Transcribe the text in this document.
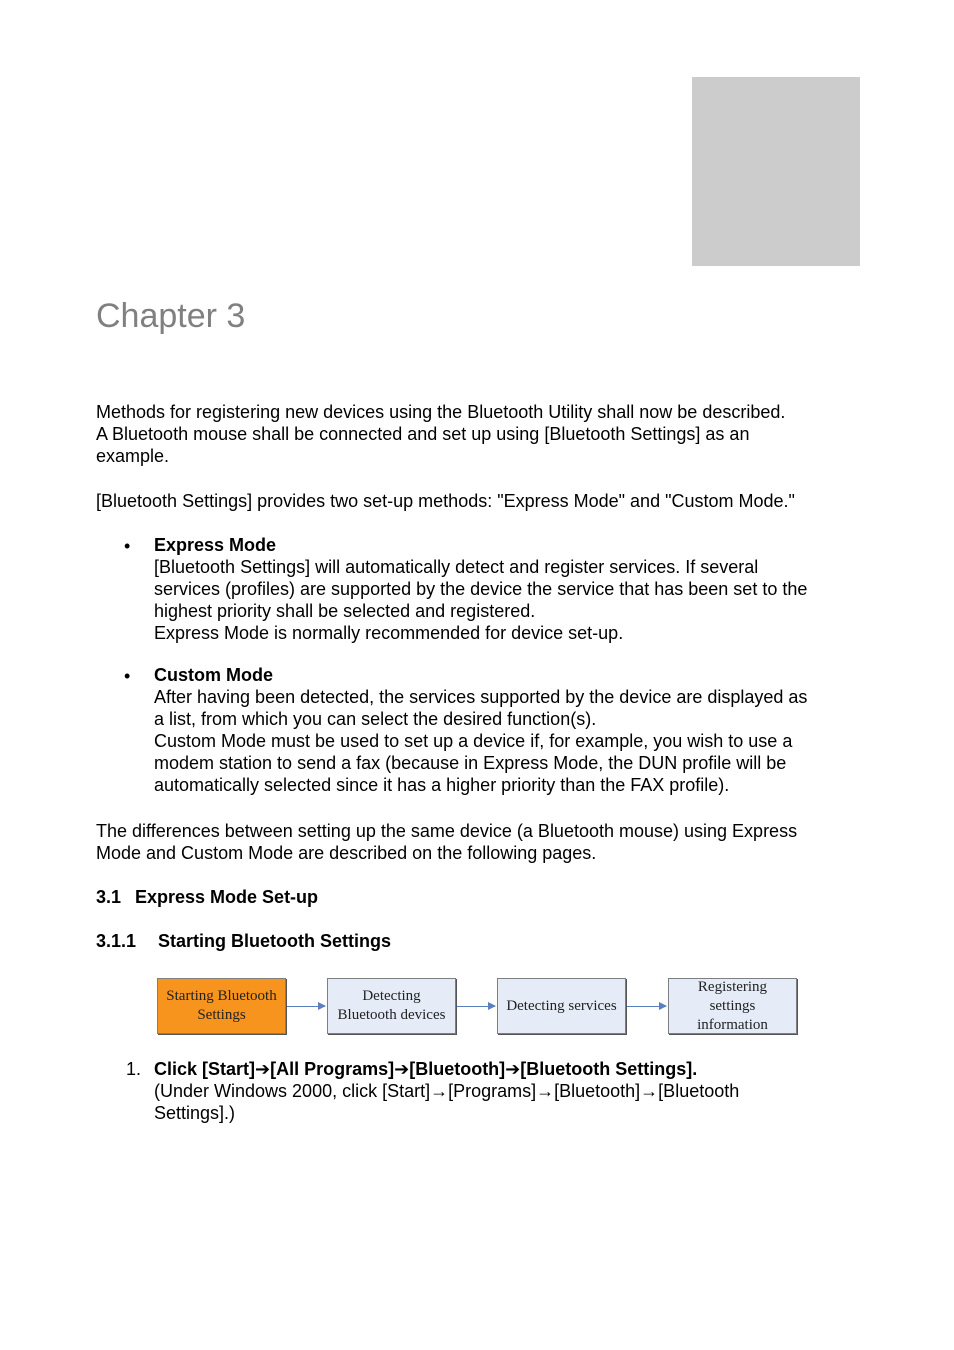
Chapter 3
Methods for registering new devices using the Bluetooth Utility shall now be described.
A Bluetooth mouse shall be connected and set up using [Bluetooth Settings] as an
example.
[Bluetooth Settings] provides two set-up methods: "Express Mode" and "Custom Mode."
• Express Mode
[Bluetooth Settings] will automatically detect and register services. If several
services (profiles) are supported by the device the service that has been set to the
highest priority shall be selected and registered.
Express Mode is normally recommended for device set-up.
• Custom Mode
After having been detected, the services supported by the device are displayed as
a list, from which you can select the desired function(s).
Custom Mode must be used to set up a device if, for example, you wish to use a
modem station to send a fax (because in Express Mode, the DUN profile will be
automatically selected since it has a higher priority than the FAX profile).
The differences between setting up the same device (a Bluetooth mouse) using Express
Mode and Custom Mode are described on the following pages.
3.1 Express Mode Set-up
3.1.1 Starting Bluetooth Settings
Starting Bluetooth
Settings
Detecting
Bluetooth devices
Detecting services
Registering
settings
information
1. Click [Start]➔[All Programs]➔[Bluetooth]➔[Bluetooth Settings].
(Under Windows 2000, click [Start]→[Programs]→[Bluetooth]→[Bluetooth
Settings].)
